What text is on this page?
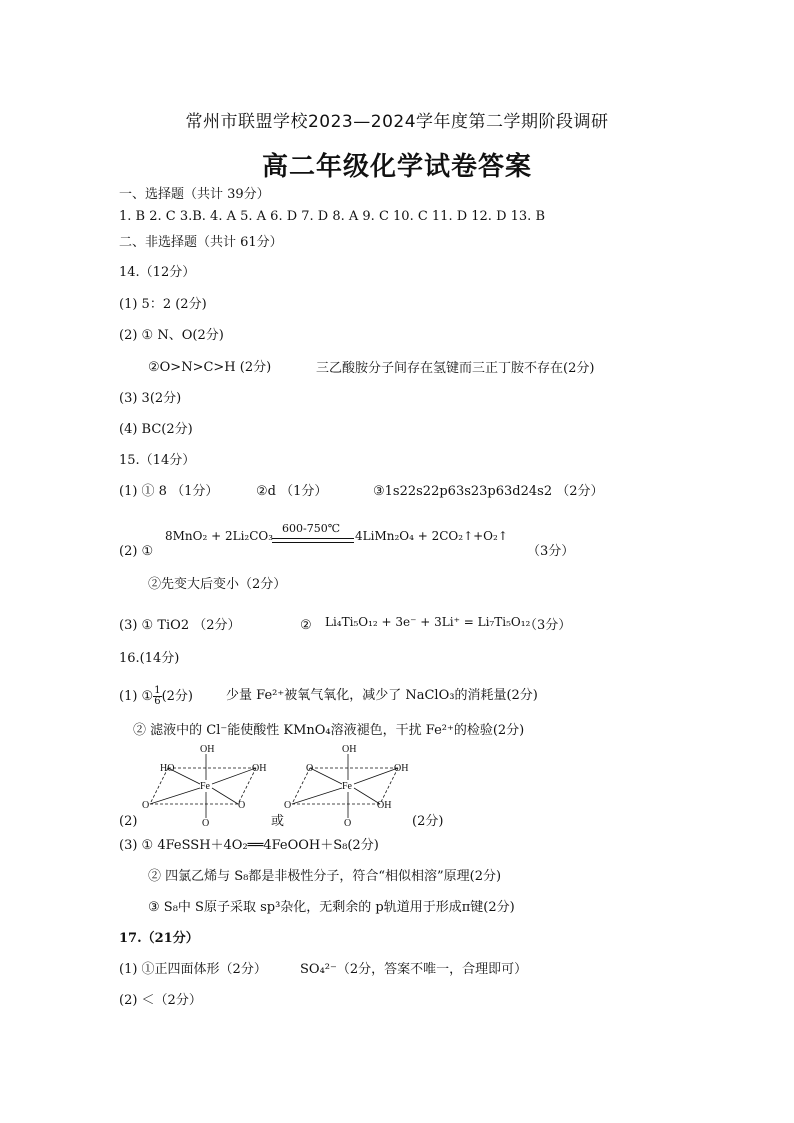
常州市联盟学校2023—2024学年度第二学期阶段调研
高二年级化学试卷答案
一、选择题（共计 39分）
1. B 2. C 3.B. 4. A 5. A 6. D 7. D 8. A 9. C 10. C 11. D 12. D 13. B
二、非选择题（共计 61分）
14.（12分）
(1) 5：2 (2分)
(2) ① N、O(2分)
②O>N>C>H (2分)	三乙酸胺分子间存在氢键而三正丁胺不存在(2分)
(3) 3(2分)
(4) BC(2分)
15.（14分）
(1) ① 8 （1分）	②d （1分）	③1s22s22p63s23p63d24s2 （2分）
(2) ①
600-750℃
8MnO₂ + 2Li₂CO₃	4LiMn₂O₄ + 2CO₂↑+O₂↑
（3分）
②先变大后变小（2分）
(3) ① TiO2 （2分）	② Li₄Ti₅O₁₂ + 3e⁻ + 3Li⁺ = Li₇Ti₅O₁₂
（3分）
16.(14分)
(1) ① $\frac{1}{6} (2$分)	少量 Fe²⁺被氧气氧化，减少了 NaClO₃的消耗量(2分)
② 滤液中的 Cl⁻能使酸性 KMnO₄溶液褪色，干扰 Fe²⁺的检验(2分)
OH
HO	OH
Fe
O	O
O
OH
O	OH
Fe
O	OH
O
(2)	或	(2分)
(3) ① 4FeSSH＋4O₂══4FeOOH＋S₈(2分)
② 四氯乙烯与 S₈都是非极性分子，符合“相似相溶”原理(2分)
③ S₈中 S原子采取 sp³杂化，无剩余的 p轨道用于形成π键(2分)
17.（21分）
(1) ①正四面体形（2分）	SO₄²⁻（2分，答案不唯一，合理即可）
(2) ＜（2分）
